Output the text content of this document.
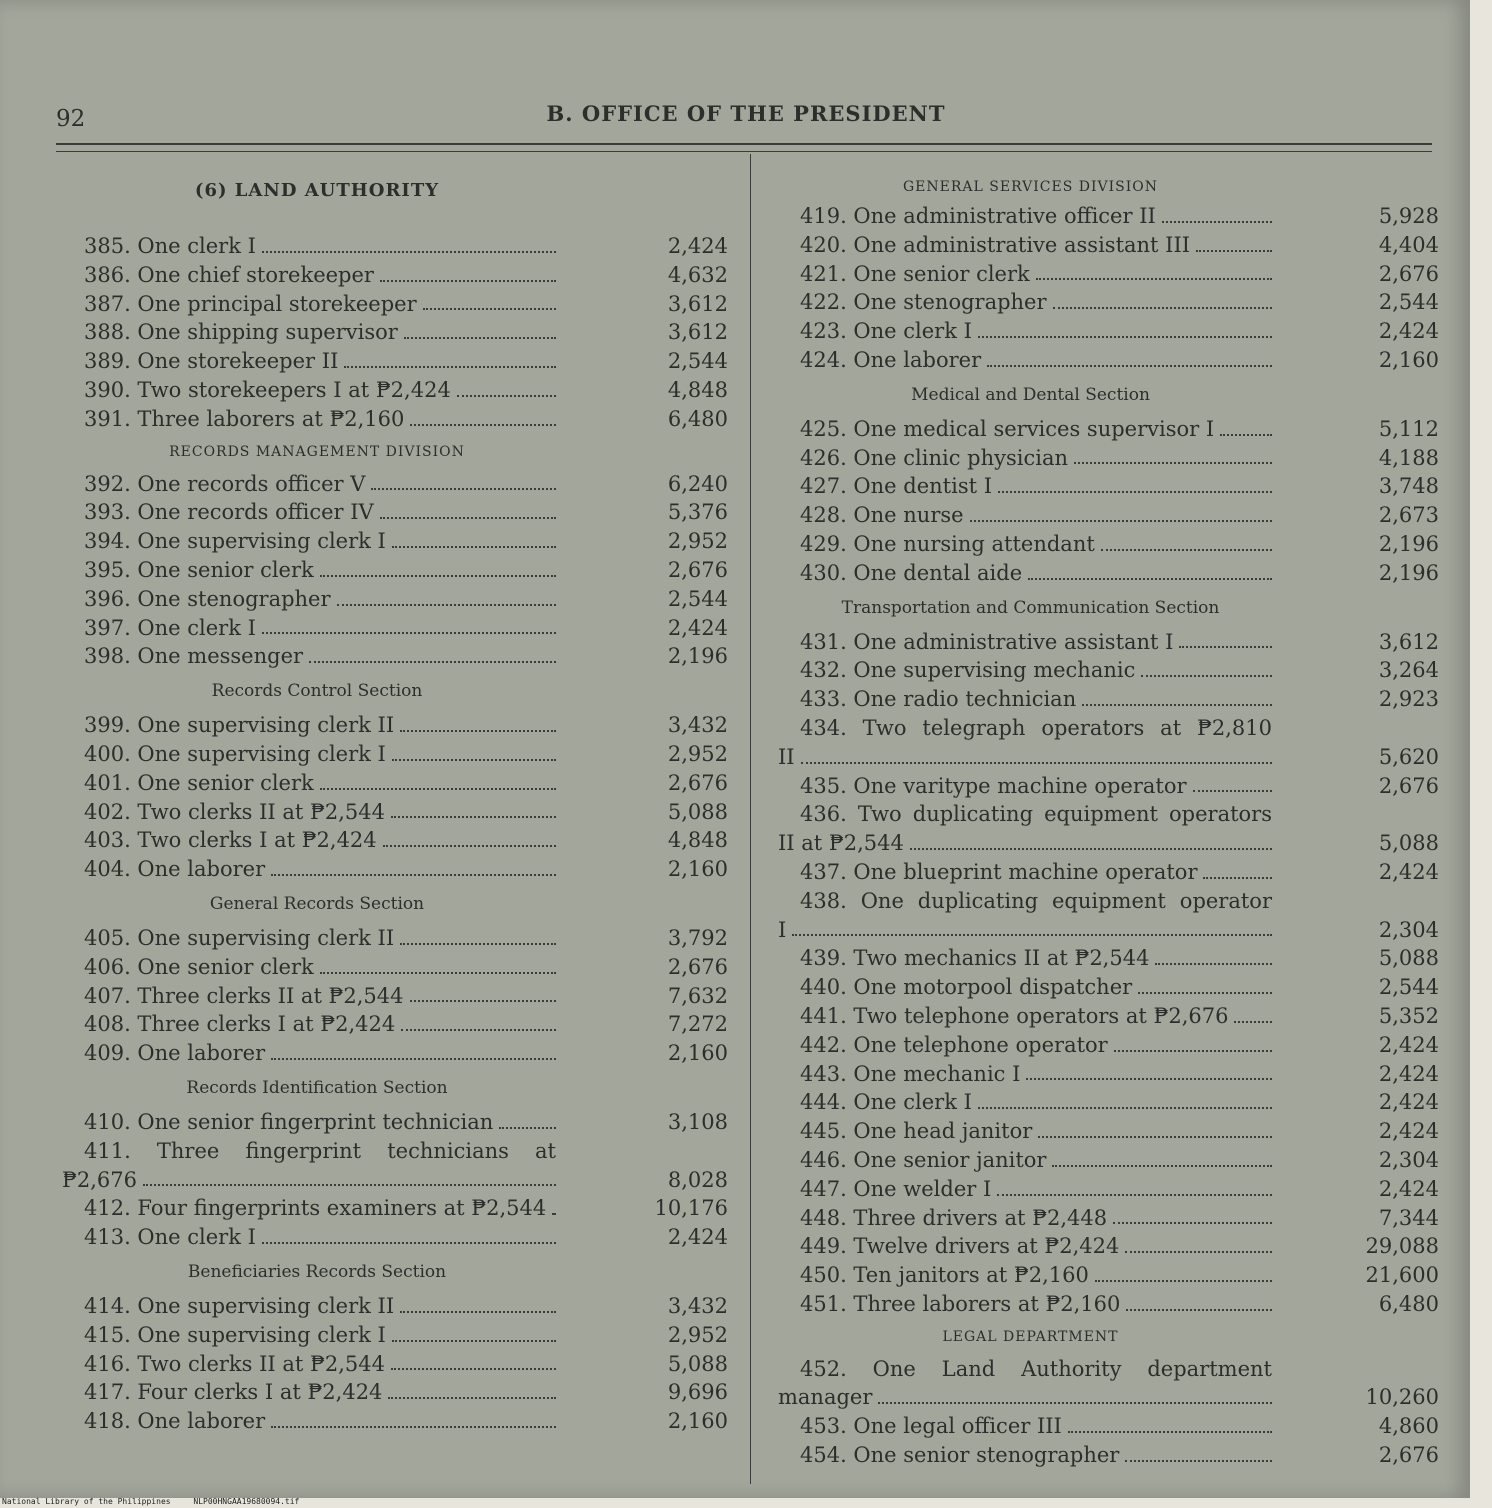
92	B. OFFICE OF THE PRESIDENT
(6) LAND AUTHORITY
385. One clerk I	2,424
386. One chief storekeeper	4,632
387. One principal storekeeper	3,612
388. One shipping supervisor	3,612
389. One storekeeper II	2,544
390. Two storekeepers I at ₱2,424	4,848
391. Three laborers at ₱2,160	6,480
RECORDS MANAGEMENT DIVISION
392. One records officer V	6,240
393. One records officer IV	5,376
394. One supervising clerk I	2,952
395. One senior clerk	2,676
396. One stenographer	2,544
397. One clerk I	2,424
398. One messenger	2,196
Records Control Section
399. One supervising clerk II	3,432
400. One supervising clerk I	2,952
401. One senior clerk	2,676
402. Two clerks II at ₱2,544	5,088
403. Two clerks I at ₱2,424	4,848
404. One laborer	2,160
General Records Section
405. One supervising clerk II	3,792
406. One senior clerk	2,676
407. Three clerks II at ₱2,544	7,632
408. Three clerks I at ₱2,424	7,272
409. One laborer	2,160
Records Identification Section
410. One senior fingerprint technician	3,108
411. Three fingerprint technicians at
₱2,676	8,028
412. Four fingerprints examiners at ₱2,544	10,176
413. One clerk I	2,424
Beneficiaries Records Section
414. One supervising clerk II	3,432
415. One supervising clerk I	2,952
416. Two clerks II at ₱2,544	5,088
417. Four clerks I at ₱2,424	9,696
418. One laborer	2,160
GENERAL SERVICES DIVISION
419. One administrative officer II	5,928
420. One administrative assistant III	4,404
421. One senior clerk	2,676
422. One stenographer	2,544
423. One clerk I	2,424
424. One laborer	2,160
Medical and Dental Section
425. One medical services supervisor I	5,112
426. One clinic physician	4,188
427. One dentist I	3,748
428. One nurse	2,673
429. One nursing attendant	2,196
430. One dental aide	2,196
Transportation and Communication Section
431. One administrative assistant I	3,612
432. One supervising mechanic	3,264
433. One radio technician	2,923
434. Two telegraph operators at ₱2,810
II	5,620
435. One varitype machine operator	2,676
436. Two duplicating equipment operators
II at ₱2,544	5,088
437. One blueprint machine operator	2,424
438. One duplicating equipment operator
I	2,304
439. Two mechanics II at ₱2,544	5,088
440. One motorpool dispatcher	2,544
441. Two telephone operators at ₱2,676	5,352
442. One telephone operator	2,424
443. One mechanic I	2,424
444. One clerk I	2,424
445. One head janitor	2,424
446. One senior janitor	2,304
447. One welder I	2,424
448. Three drivers at ₱2,448	7,344
449. Twelve drivers at ₱2,424	29,088
450. Ten janitors at ₱2,160	21,600
451. Three laborers at ₱2,160	6,480
LEGAL DEPARTMENT
452. One Land Authority department
manager	10,260
453. One legal officer III	4,860
454. One senior stenographer	2,676
National Library of the Philippines	NLP00HNGAA19680094.tif
